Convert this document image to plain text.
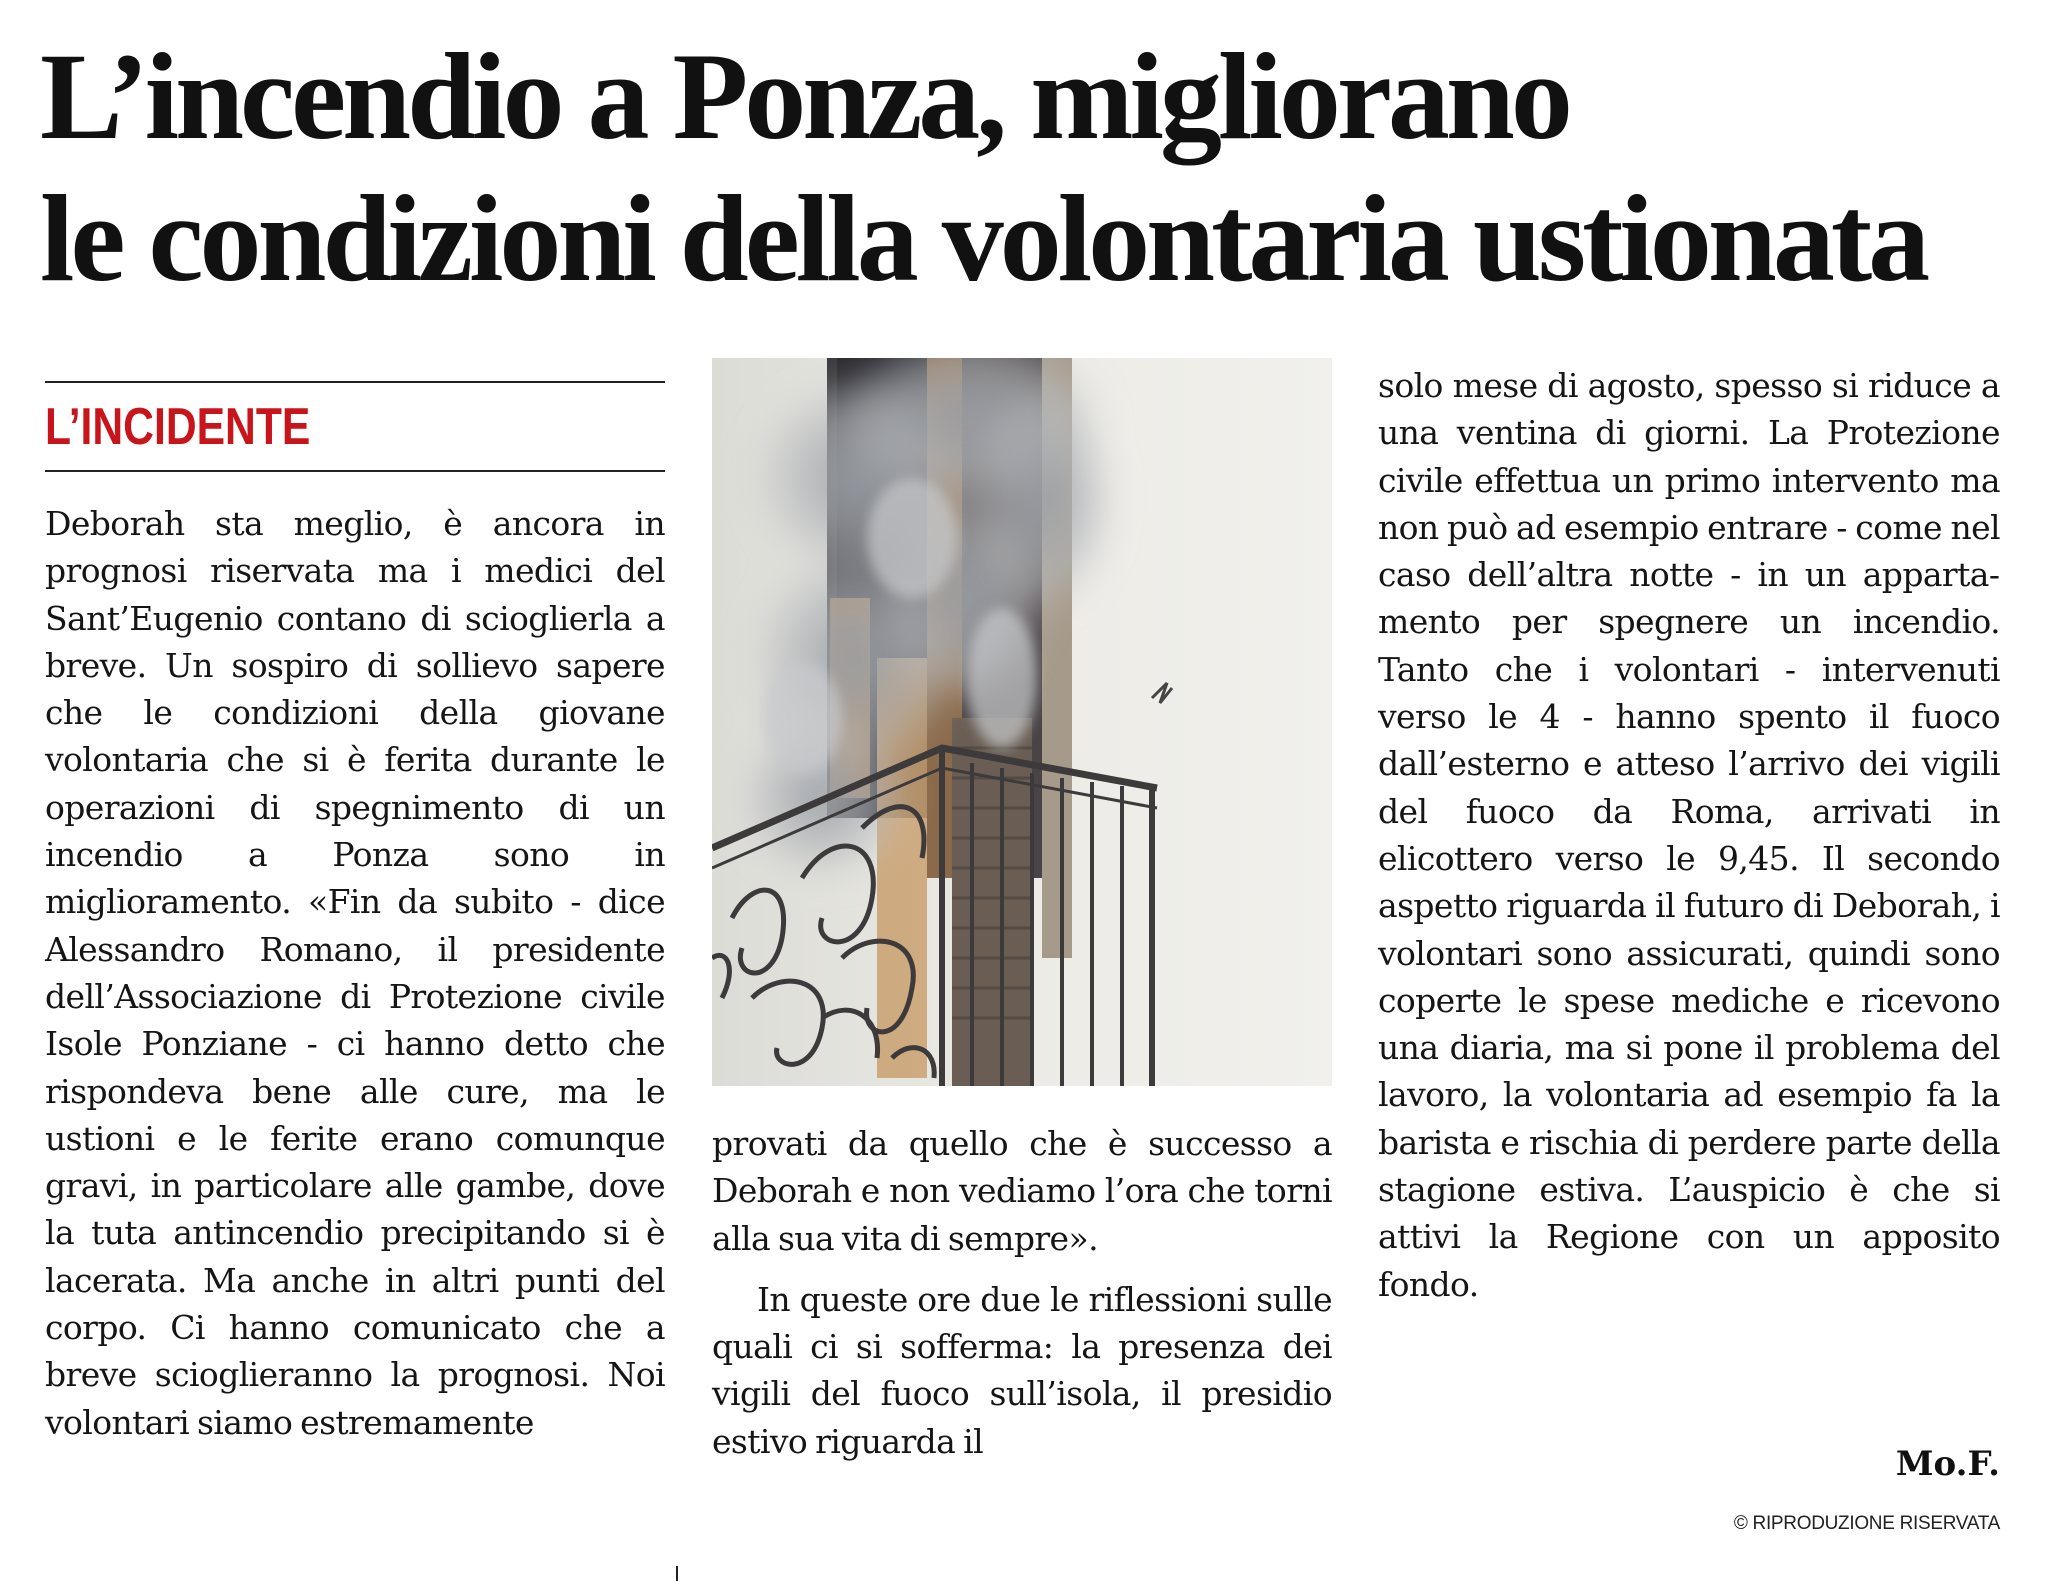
L’incendio a Ponza, migliorano
le condizioni della volontaria ustionata
L’INCIDENTE

Deborah sta meglio, è ancora in prognosi riservata ma i medici del Sant’Eugenio contano di scioglierla a breve. Un sospiro di sollievo sapere che le condizioni della giovane volontaria che si è ferita durante le operazioni di spegnimento di un incendio a Ponza sono in miglioramento. «Fin da subito - dice Alessandro Romano, il presidente dell’Associazione di Protezione civile Isole Ponziane - ci hanno detto che rispondeva bene alle cure, ma le ustioni e le ferite erano comunque gravi, in particolare alle gambe, dove la tuta antincendio precipitando si è lacerata. Ma anche in altri punti del corpo. Ci hanno comunicato che a breve scioglieranno la prognosi. Noi volontari siamo estremamente

provati da quello che è successo a Deborah e non vediamo l’ora che torni alla sua vita di sempre».

In queste ore due le riflessioni sulle quali ci si sofferma: la presenza dei vigili del fuoco sull’isola, il presidio estivo riguarda il

solo mese di agosto, spesso si riduce a una ventina di giorni. La Protezione civile effettua un primo intervento ma non può ad esempio entrare - come nel caso dell’altra notte - in un appartamento per spegnere un incendio. Tanto che i volontari - intervenuti verso le 4 - hanno spento il fuoco dall’esterno e atteso l’arrivo dei vigili del fuoco da Roma, arrivati in elicottero verso le 9,45. Il secondo aspetto riguarda il futuro di Deborah, i volontari sono assicurati, quindi sono coperte le spese mediche e ricevono una diaria, ma si pone il problema del lavoro, la volontaria ad esempio fa la barista e rischia di perdere parte della stagione estiva. L’auspicio è che si attivi la Regione con un apposito fondo.

Mo.F.
© RIPRODUZIONE RISERVATA
